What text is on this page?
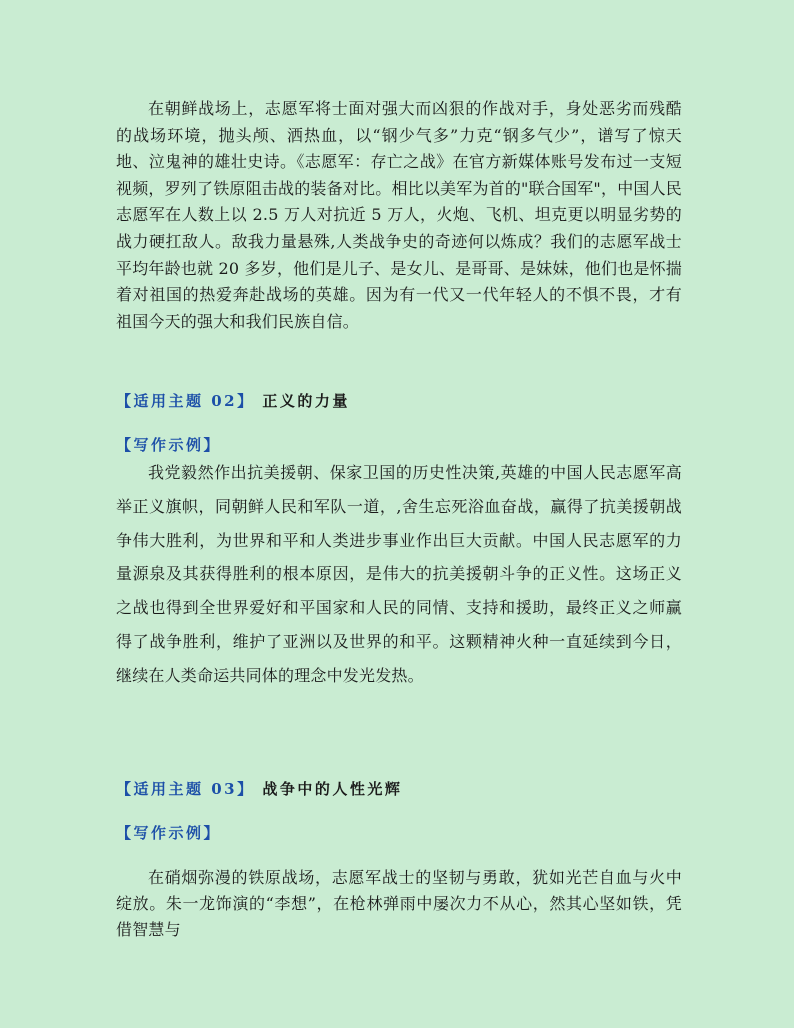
在朝鲜战场上，志愿军将士面对强大而凶狠的作战对手，身处恶劣而残酷的战场环境，抛头颅、洒热血，以“钢少气多”力克“钢多气少”，谱写了惊天地、泣鬼神的雄壮史诗。《志愿军：存亡之战》在官方新媒体账号发布过一支短视频，罗列了铁原阻击战的装备对比。相比以美军为首的"联合国军"，中国人民志愿军在人数上以 2.5 万人对抗近 5 万人，火炮、飞机、坦克更以明显劣势的战力硬扛敌人。敌我力量悬殊,人类战争史的奇迹何以炼成？我们的志愿军战士平均年龄也就 20 多岁，他们是儿子、是女儿、是哥哥、是妹妹，他们也是怀揣着对祖国的热爱奔赴战场的英雄。因为有一代又一代年轻人的不惧不畏，才有祖国今天的强大和我们民族自信。

【适用主题 02】 正义的力量
【写作示例】

我党毅然作出抗美援朝、保家卫国的历史性决策,英雄的中国人民志愿军高举正义旗帜，同朝鲜人民和军队一道，,舍生忘死浴血奋战，赢得了抗美援朝战争伟大胜利，为世界和平和人类进步事业作出巨大贡献。中国人民志愿军的力量源泉及其获得胜利的根本原因，是伟大的抗美援朝斗争的正义性。这场正义之战也得到全世界爱好和平国家和人民的同情、支持和援助，最终正义之师赢得了战争胜利，维护了亚洲以及世界的和平。这颗精神火种一直延续到今日，继续在人类命运共同体的理念中发光发热。

【适用主题 03】 战争中的人性光辉
【写作示例】

在硝烟弥漫的铁原战场，志愿军战士的坚韧与勇敢，犹如光芒自血与火中绽放。朱一龙饰演的“李想”，在枪林弹雨中屡次力不从心，然其心坚如铁，凭借智慧与
